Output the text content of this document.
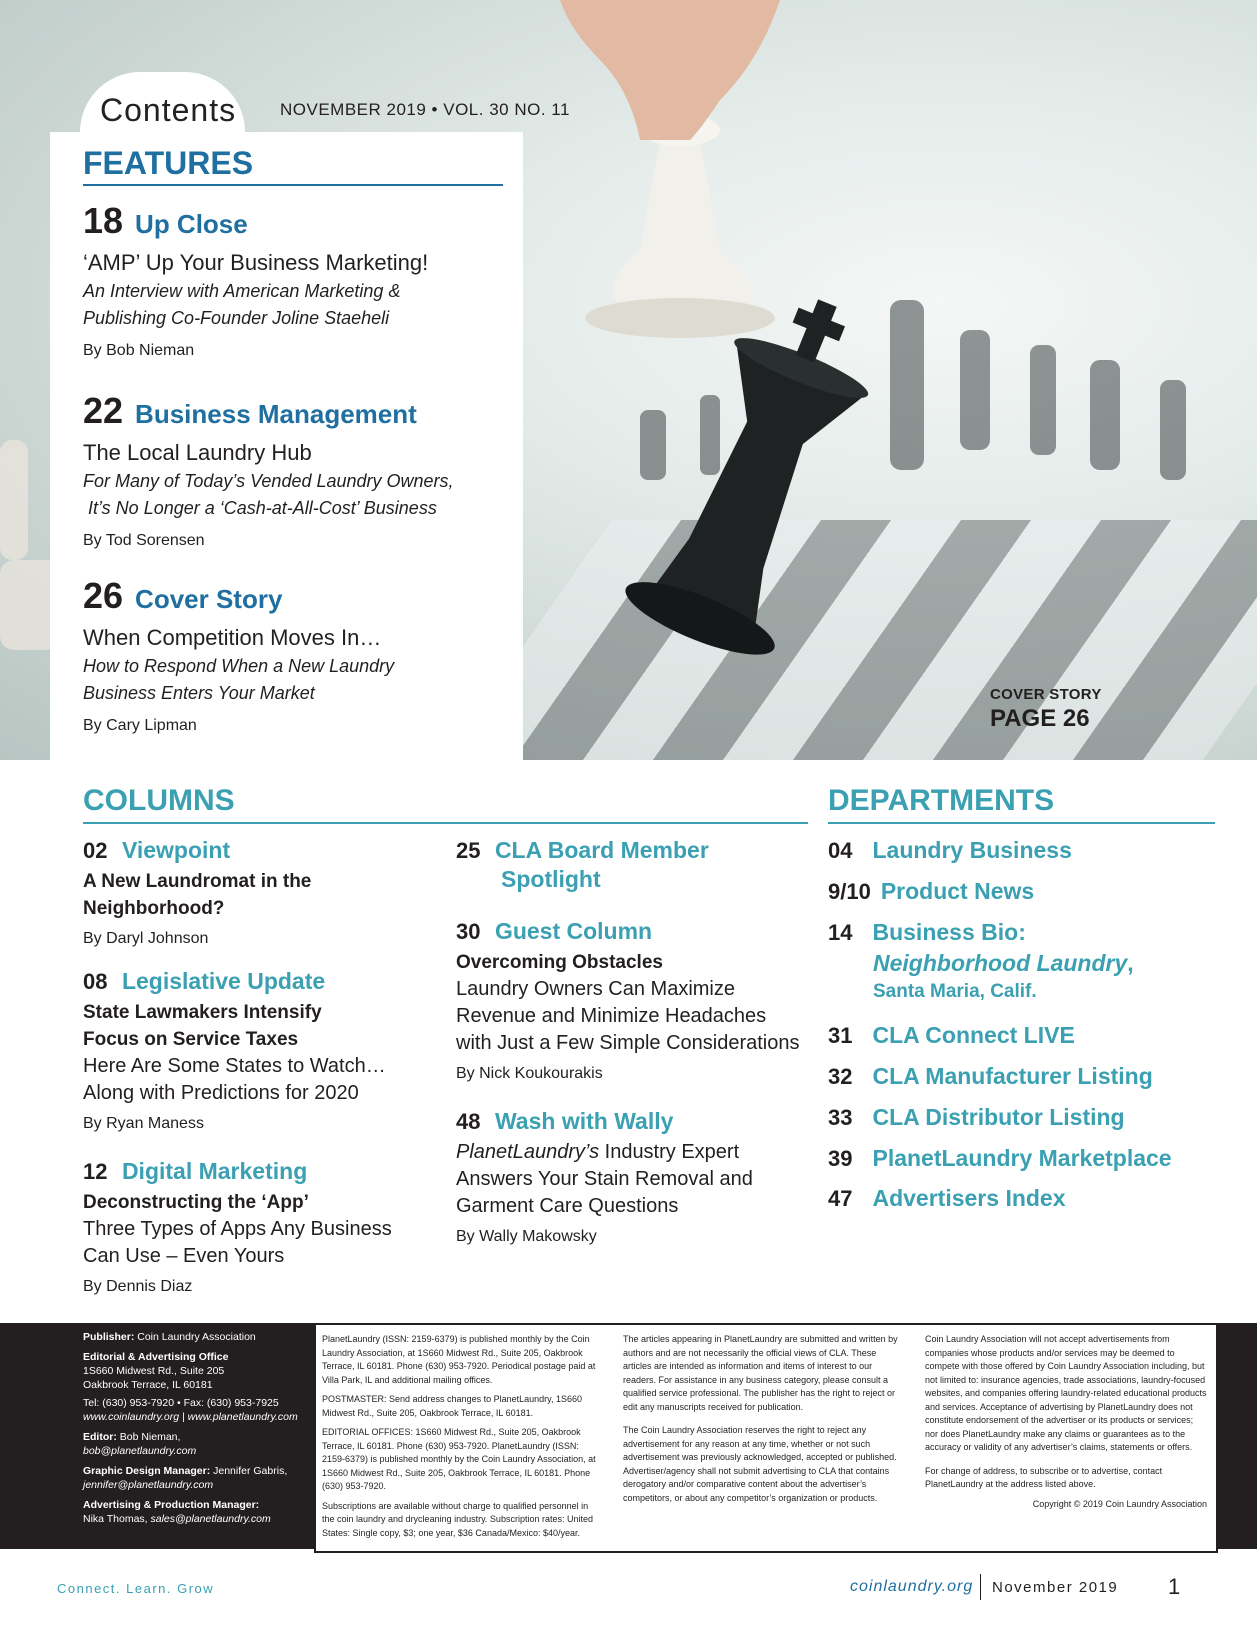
Contents	NOVEMBER 2019 • VOL. 30 NO. 11
FEATURES
18 Up Close
‘AMP’ Up Your Business Marketing!
An Interview with American Marketing &
Publishing Co-Founder Joline Staeheli
By Bob Nieman
22 Business Management
The Local Laundry Hub
For Many of Today’s Vended Laundry Owners,
It’s No Longer a ‘Cash-at-All-Cost’ Business
By Tod Sorensen
26 Cover Story
When Competition Moves In…
How to Respond When a New Laundry
Business Enters Your Market
By Cary Lipman
COVER STORY
PAGE 26
COLUMNS
02 Viewpoint
A New Laundromat in the
Neighborhood?
By Daryl Johnson
08 Legislative Update
State Lawmakers Intensify
Focus on Service Taxes
Here Are Some States to Watch…
Along with Predictions for 2020
By Ryan Maness
12 Digital Marketing
Deconstructing the ‘App’
Three Types of Apps Any Business
Can Use – Even Yours
By Dennis Diaz
25 CLA Board Member
Spotlight
30 Guest Column
Overcoming Obstacles
Laundry Owners Can Maximize
Revenue and Minimize Headaches
with Just a Few Simple Considerations
By Nick Koukourakis
48 Wash with Wally
PlanetLaundry’s Industry Expert
Answers Your Stain Removal and
Garment Care Questions
By Wally Makowsky
DEPARTMENTS
04 Laundry Business
9/10 Product News
14 Business Bio:
Neighborhood Laundry,
Santa Maria, Calif.
31 CLA Connect LIVE
32 CLA Manufacturer Listing
33 CLA Distributor Listing
39 PlanetLaundry Marketplace
47 Advertisers Index
Publisher: Coin Laundry Association
Editorial & Advertising Office
1S660 Midwest Rd., Suite 205
Oakbrook Terrace, IL 60181
Tel: (630) 953-7920 • Fax: (630) 953-7925
www.coinlaundry.org | www.planetlaundry.com
Editor: Bob Nieman,
bob@planetlaundry.com
Graphic Design Manager: Jennifer Gabris,
jennifer@planetlaundry.com
Advertising & Production Manager:
Nika Thomas, sales@planetlaundry.com

PlanetLaundry (ISSN: 2159-6379) is published monthly by the Coin Laundry Association, at 1S660 Midwest Rd., Suite 205, Oakbrook Terrace, IL 60181. Phone (630) 953-7920. Periodical postage paid at Villa Park, IL and additional mailing offices.

POSTMASTER: Send address changes to PlanetLaundry, 1S660 Midwest Rd., Suite 205, Oakbrook Terrace, IL 60181.

EDITORIAL OFFICES: 1S660 Midwest Rd., Suite 205, Oakbrook Terrace, IL 60181. Phone (630) 953-7920. PlanetLaundry (ISSN: 2159-6379) is published monthly by the Coin Laundry Association, at 1S660 Midwest Rd., Suite 205, Oakbrook Terrace, IL 60181. Phone (630) 953-7920.

Subscriptions are available without charge to qualified personnel in the coin laundry and drycleaning industry. Subscription rates: United States: Single copy, $3; one year, $36 Canada/Mexico: $40/year.

The articles appearing in PlanetLaundry are submitted and written by authors and are not necessarily the official views of CLA. These articles are intended as information and items of interest to our readers. For assistance in any business category, please consult a qualified service professional. The publisher has the right to reject or edit any manuscripts received for publication.

The Coin Laundry Association reserves the right to reject any advertisement for any reason at any time, whether or not such advertisement was previously acknowledged, accepted or published. Advertiser/agency shall not submit advertising to CLA that contains derogatory and/or comparative content about the advertiser’s competitors, or about any competitor’s organization or products.

Coin Laundry Association will not accept advertisements from companies whose products and/or services may be deemed to compete with those offered by Coin Laundry Association including, but not limited to: insurance agencies, trade associations, laundry-focused websites, and companies offering laundry-related educational products and services. Acceptance of advertising by PlanetLaundry does not constitute endorsement of the advertiser or its products or services; nor does PlanetLaundry make any claims or guarantees as to the accuracy or validity of any advertiser’s claims, statements or offers.

For change of address, to subscribe or to advertise, contact PlanetLaundry at the address listed above.

Copyright © 2019 Coin Laundry Association

Connect. Learn. Grow	coinlaundry.org November 2019 1
